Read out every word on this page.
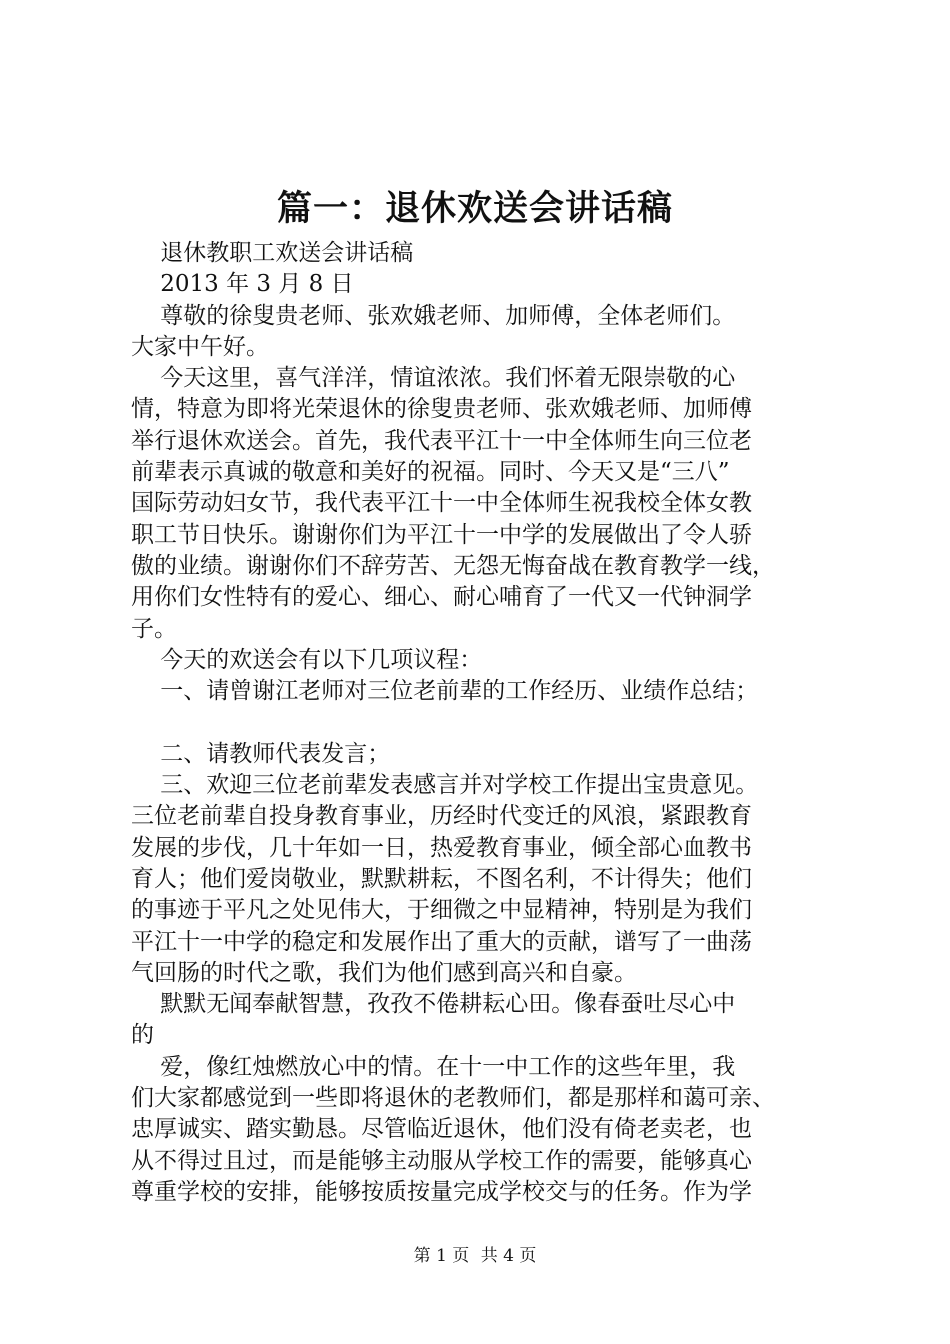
篇一：退休欢送会讲话稿
退休教职工欢送会讲话稿
2013 年 3 月 8 日
尊敬的徐叟贵老师、张欢娥老师、加师傅，全体老师们。
大家中午好。
今天这里，喜气洋洋，情谊浓浓。我们怀着无限崇敬的心
情，特意为即将光荣退休的徐叟贵老师、张欢娥老师、加师傅
举行退休欢送会。首先，我代表平江十一中全体师生向三位老
前辈表示真诚的敬意和美好的祝福。同时、今天又是“三八”
国际劳动妇女节，我代表平江十一中全体师生祝我校全体女教
职工节日快乐。谢谢你们为平江十一中学的发展做出了令人骄
傲的业绩。谢谢你们不辞劳苦、无怨无悔奋战在教育教学一线，
用你们女性特有的爱心、细心、耐心哺育了一代又一代钟洞学
子。
今天的欢送会有以下几项议程：
一、请曾谢江老师对三位老前辈的工作经历、业绩作总结；
二、请教师代表发言；
三、欢迎三位老前辈发表感言并对学校工作提出宝贵意见。
三位老前辈自投身教育事业，历经时代变迁的风浪，紧跟教育
发展的步伐，几十年如一日，热爱教育事业，倾全部心血教书
育人；他们爱岗敬业，默默耕耘，不图名利，不计得失；他们
的事迹于平凡之处见伟大，于细微之中显精神，特别是为我们
平江十一中学的稳定和发展作出了重大的贡献，谱写了一曲荡
气回肠的时代之歌，我们为他们感到高兴和自豪。
默默无闻奉献智慧，孜孜不倦耕耘心田。像春蚕吐尽心中
的
爱，像红烛燃放心中的情。在十一中工作的这些年里，我
们大家都感觉到一些即将退休的老教师们，都是那样和蔼可亲、
忠厚诚实、踏实勤恳。尽管临近退休，他们没有倚老卖老，也
从不得过且过，而是能够主动服从学校工作的需要，能够真心
尊重学校的安排，能够按质按量完成学校交与的任务。作为学
第 1 页 共 4 页
